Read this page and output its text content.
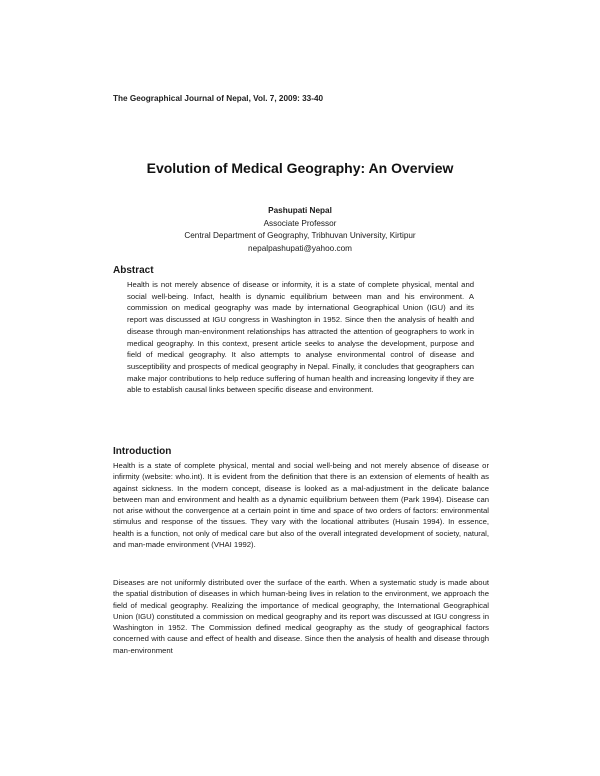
The Geographical Journal of Nepal, Vol. 7, 2009: 33-40
Evolution of Medical Geography: An Overview
Pashupati Nepal
Associate Professor
Central Department of Geography, Tribhuvan University, Kirtipur
nepalpashupati@yahoo.com
Abstract
Health is not merely absence of disease or informity, it is a state of complete physical, mental and social well-being. Infact, health is dynamic equilibrium between man and his environment. A commission on medical geography was made by international Geographical Union (IGU) and its report was discussed at IGU congress in Washington in 1952. Since then the analysis of health and disease through man-environment relationships has attracted the attention of geographers to work in medical geography. In this context, present article seeks to analyse the development, purpose and field of medical geography. It also attempts to analyse environmental control of disease and susceptibility and prospects of medical geography in Nepal. Finally, it concludes that geographers can make major contributions to help reduce suffering of human health and increasing longevity if they are able to establish causal links between specific disease and environment.
Introduction

Health is a state of complete physical, mental and social well-being and not merely absence of disease or infirmity (website: who.int). It is evident from the definition that there is an extension of elements of health as against sickness. In the modern concept, disease is looked as a mal-adjustment in the delicate balance between man and environment and health as a dynamic equilibrium between them (Park 1994). Disease can not arise without the convergence at a certain point in time and space of two orders of factors: environmental stimulus and response of the tissues. They vary with the locational attributes (Husain 1994). In essence, health is a function, not only of medical care but also of the overall integrated development of society, natural, and man-made environment (VHAI 1992).

Diseases are not uniformly distributed over the surface of the earth. When a systematic study is made about the spatial distribution of diseases in which human-being lives in relation to the environment, we approach the field of medical geography. Realizing the importance of medical geography, the International Geographical Union (IGU) constituted a commission on medical geography and its report was discussed at IGU congress in Washington in 1952. The Commission defined medical geography as the study of geographical factors concerned with cause and effect of health and disease. Since then the analysis of health and disease through man-environment
